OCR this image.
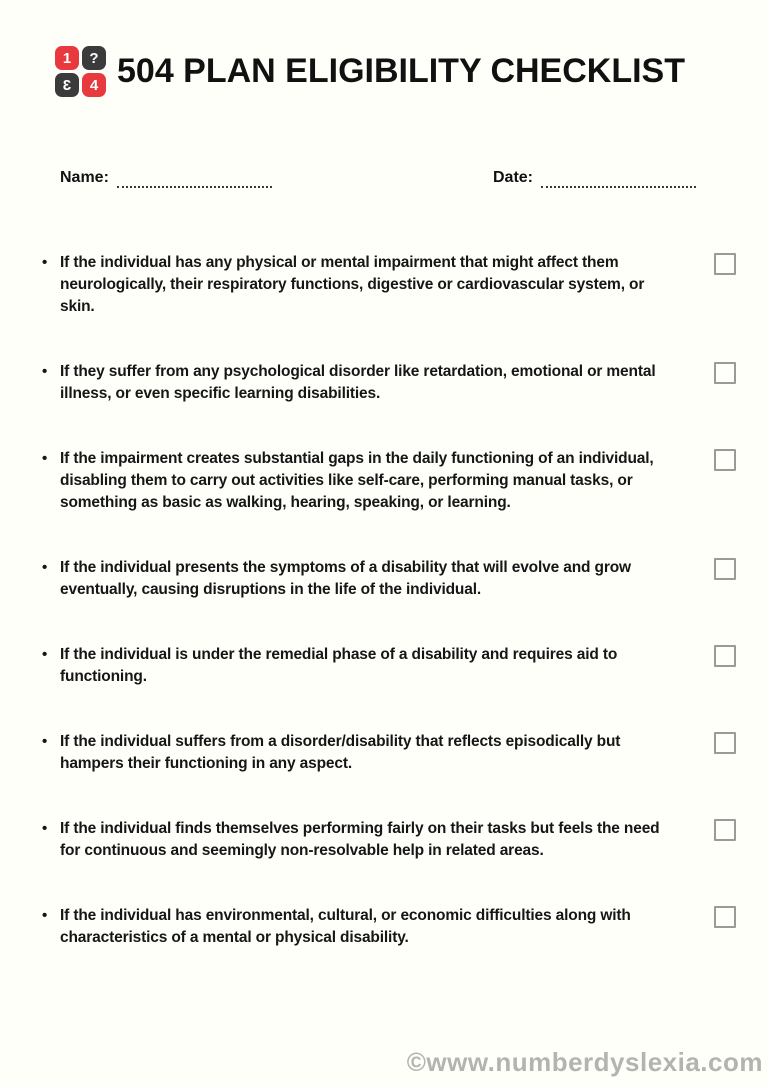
1	?
3	4 504 PLAN ELIGIBILITY CHECKLIST
Name:	Date:
• If the individual has any physical or mental impairment that might affect them neurologically, their respiratory functions, digestive or cardiovascular system, or skin.

• If they suffer from any psychological disorder like retardation, emotional or mental illness, or even specific learning disabilities.

• If the impairment creates substantial gaps in the daily functioning of an individual, disabling them to carry out activities like self-care, performing manual tasks, or something as basic as walking, hearing, speaking, or learning.

• If the individual presents the symptoms of a disability that will evolve and grow eventually, causing disruptions in the life of the individual.

• If the individual is under the remedial phase of a disability and requires aid to functioning.

• If the individual suffers from a disorder/disability that reflects episodically but hampers their functioning in any aspect.

• If the individual finds themselves performing fairly on their tasks but feels the need for continuous and seemingly non-resolvable help in related areas.

• If the individual has environmental, cultural, or economic difficulties along with characteristics of a mental or physical disability.

©www.numberdyslexia.com
